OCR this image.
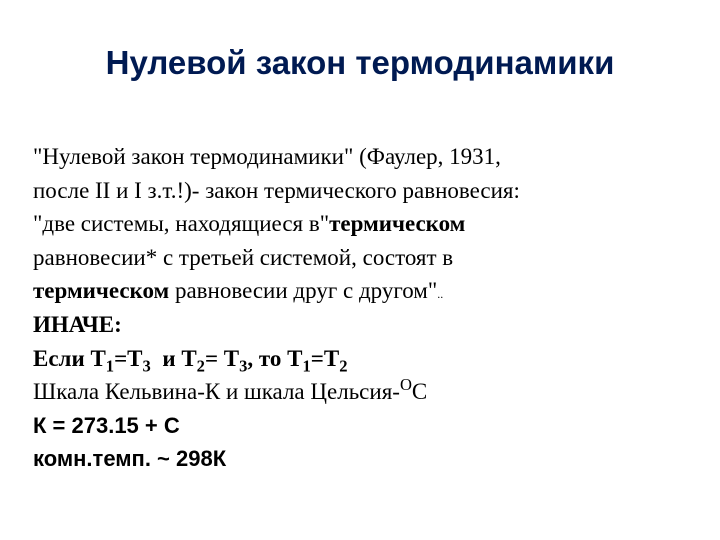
Нулевой закон термодинамики
"Нулевой закон термодинамики" (Фаулер, 1931,
после II и I з.т.!)- закон термического равновесия:
"две системы, находящиеся в"термическом
равновесии* с третьей системой, состоят в
термическом равновесии друг с другом"..
ИНАЧЕ:
Если $Т_1=Т_3$  и $Т_2= Т_3$, то $Т_1=Т_2$
Шкала Кельвина-К и шкала Цельсия-$^O$С
К = 273.15 + С
комн.темп. ~ 298К
